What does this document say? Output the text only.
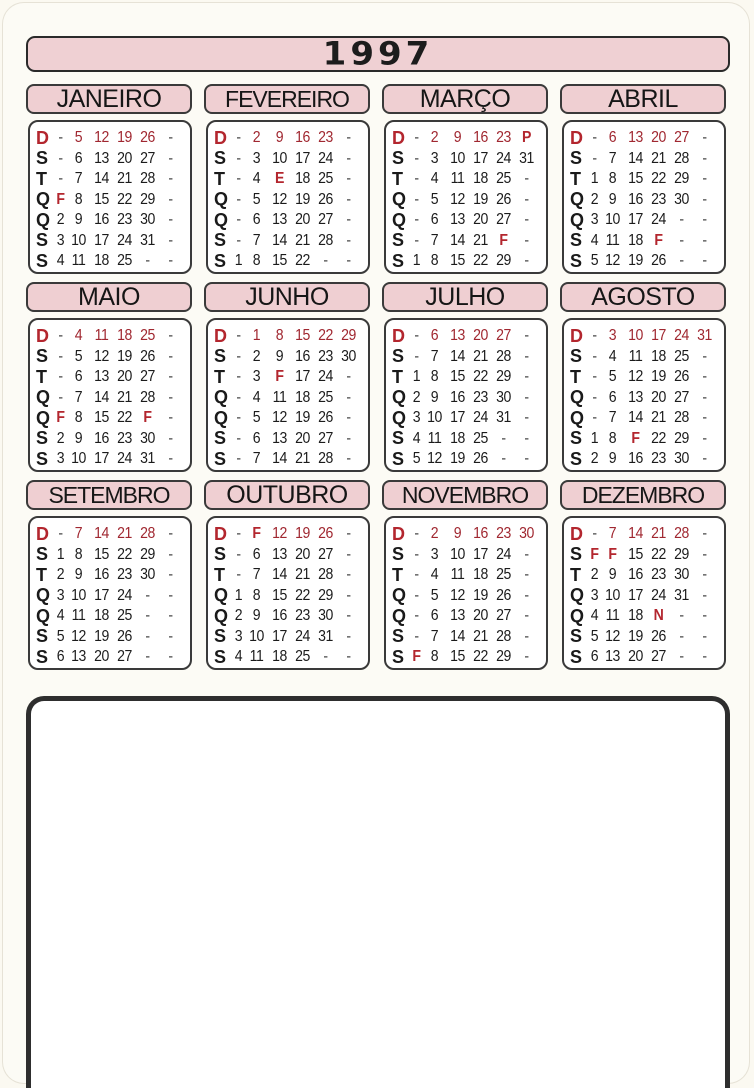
1997
JANEIRO
D - 5 12 19 26 -
S - 6 13 20 27 -
T - 7 14 21 28 -
Q F 8 15 22 29 -
Q 2 9 16 23 30 -
S 3 10 17 24 31 -
S 4 11 18 25 -	-
FEVEREIRO
D - 2 9 16 23 -
S - 3 10 17 24 -
T - 4 E 18 25 -
Q - 5 12 19 26 -
Q - 6 13 20 27 -
S - 7 14 21 28 -
S 1 8 15 22 -	-
MARÇO
D - 2 9 16 23 P
S - 3 10 17 24 31
T - 4 11 18 25 -
Q - 5 12 19 26 -
Q - 6 13 20 27 -
S - 7 14 21 F	-
S 1 8 15 22 29 -
ABRIL
D - 6 13 20 27 -
S - 7 14 21 28 -
T 1 8 15 22 29 -
Q 2 9 16 23 30 -
Q 3 10 17 24 -	-
S 4 11 18 F	-	-
S 5 12 19 26 -	-
MAIO
D - 4 11 18 25 -
S - 5 12 19 26 -
T - 6 13 20 27 -
Q - 7 14 21 28 -
Q F 8 15 22 F	-
S 2 9 16 23 30 -
S 3 10 17 24 31 -
JUNHO
D - 1 8 15 22 29
S - 2 9 16 23 30
T - 3 F 17 24 -
Q - 4 11 18 25 -
Q - 5 12 19 26 -
S - 6 13 20 27 -
S - 7 14 21 28 -
JULHO
D - 6 13 20 27 -
S - 7 14 21 28 -
T 1 8 15 22 29 -
Q 2 9 16 23 30 -
Q 3 10 17 24 31 -
S 4 11 18 25 -	-
S 5 12 19 26 -	-
AGOSTO
D - 3 10 17 24 31
S - 4 11 18 25 -
T - 5 12 19 26 -
Q - 6 13 20 27 -
Q - 7 14 21 28 -
S 1 8 F 22 29 -
S 2 9 16 23 30 -
SETEMBRO
D - 7 14 21 28 -
S 1 8 15 22 29 -
T 2 9 16 23 30 -
Q 3 10 17 24 -	-
Q 4 11 18 25 -	-
S 5 12 19 26 -	-
S 6 13 20 27 -	-
OUTUBRO
D - F 12 19 26 -
S - 6 13 20 27 -
T - 7 14 21 28 -
Q 1 8 15 22 29 -
Q 2 9 16 23 30 -
S 3 10 17 24 31 -
S 4 11 18 25 -	-
NOVEMBRO
D - 2 9 16 23 30
S - 3 10 17 24 -
T - 4 11 18 25 -
Q - 5 12 19 26 -
Q - 6 13 20 27 -
S - 7 14 21 28 -
S F 8 15 22 29 -
DEZEMBRO
D - 7 14 21 28 -
S F F 15 22 29 -
T 2 9 16 23 30 -
Q 3 10 17 24 31 -
Q 4 11 18 N	-	-
S 5 12 19 26 -	-
S 6 13 20 27 -	-
